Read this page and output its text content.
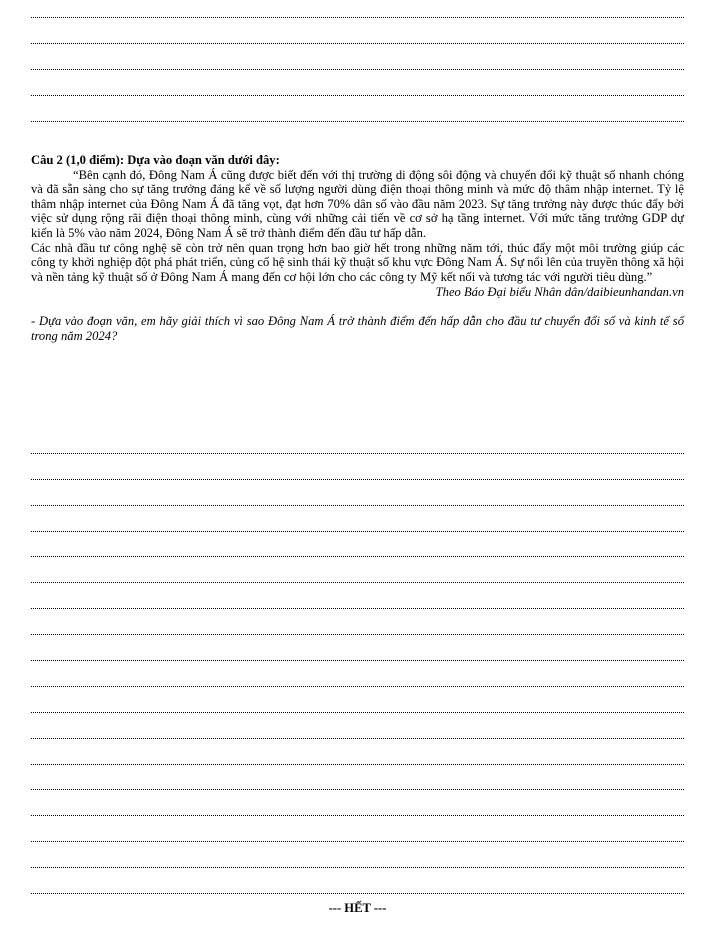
Câu 2 (1,0 điểm): Dựa vào đoạn văn dưới đây:

“Bên cạnh đó, Đông Nam Á cũng được biết đến với thị trường di động sôi động và chuyển đổi kỹ thuật số nhanh chóng và đã sẵn sàng cho sự tăng trưởng đáng kể về số lượng người dùng điện thoại thông minh và mức độ thâm nhập internet. Tỷ lệ thâm nhập internet của Đông Nam Á đã tăng vọt, đạt hơn 70% dân số vào đầu năm 2023. Sự tăng trưởng này được thúc đẩy bởi việc sử dụng rộng rãi điện thoại thông minh, cùng với những cải tiến về cơ sở hạ tầng internet. Với mức tăng trưởng GDP dự kiến là 5% vào năm 2024, Đông Nam Á sẽ trở thành điểm đến đầu tư hấp dẫn.

Các nhà đầu tư công nghệ sẽ còn trở nên quan trọng hơn bao giờ hết trong những năm tới, thúc đẩy một môi trường giúp các công ty khởi nghiệp đột phá phát triển, củng cố hệ sinh thái kỹ thuật số khu vực Đông Nam Á. Sự nổi lên của truyền thông xã hội và nền tảng kỹ thuật số ở Đông Nam Á mang đến cơ hội lớn cho các công ty Mỹ kết nối và tương tác với người tiêu dùng.”

Theo Báo Đại biểu Nhân dân/daibieunhandan.vn

- Dựa vào đoạn văn, em hãy giải thích vì sao Đông Nam Á trở thành điểm đến hấp dẫn cho đầu tư chuyển đổi số và kinh tế số trong năm 2024?

--- HẾT ---
